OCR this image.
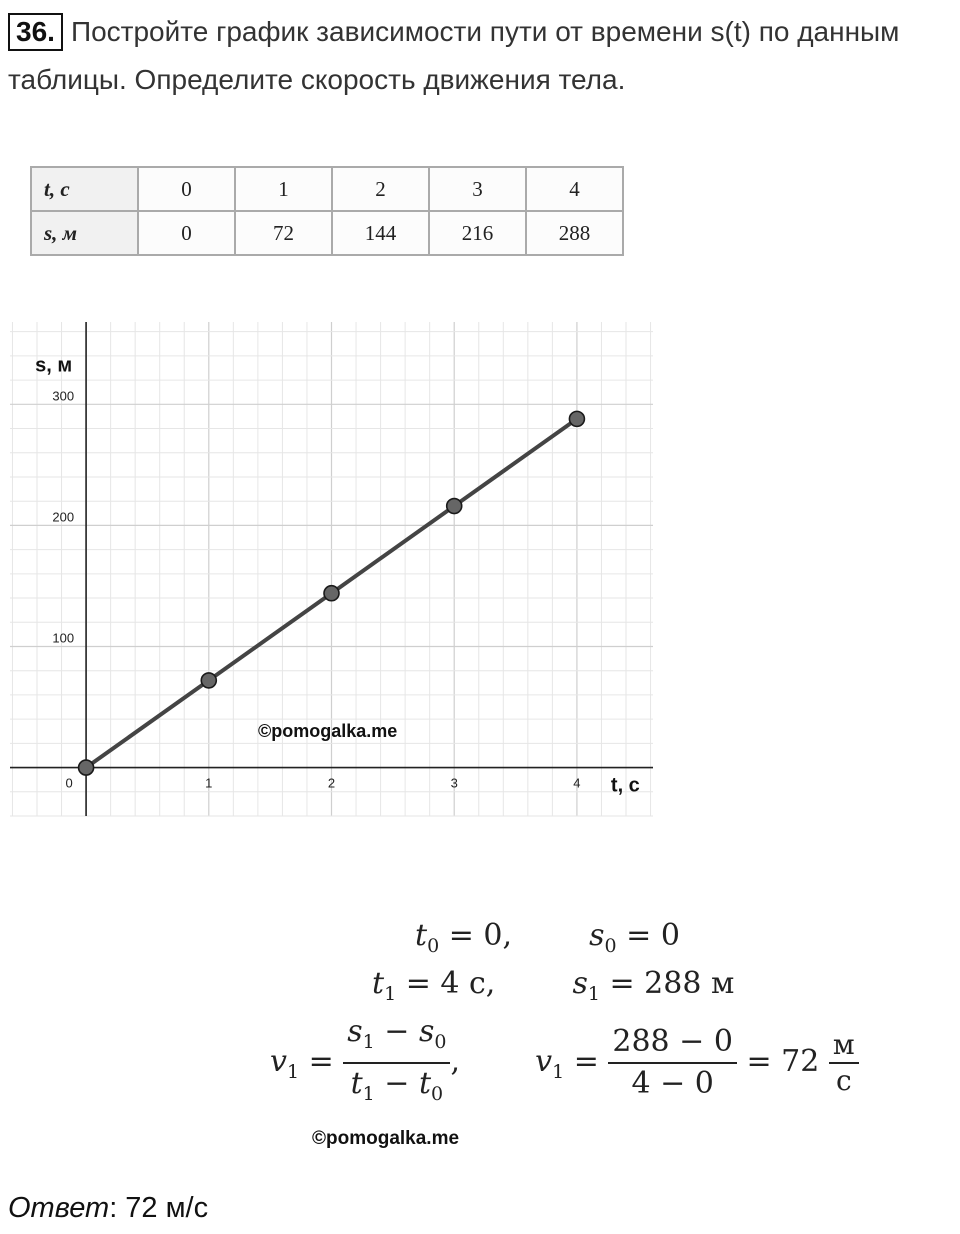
36. Постройте график зависимости пути от времени s(t) по данным таблицы. Определите скорость движения тела.
t, c	0	1	2	3	4
s, м	0	72	144	216	288
0	1	2	3	4
100
200
300
s, м
t, c
©pomogalka.me
$t_0 = 0$,	$s_0 = 0$
$t_1 = 4$ с,	$s_1 = 288$ м
$v_1 = \frac{s_1 - s_0}{t_1 - t_0}$ ,  $v_1 = \frac{288 - 0}{4 - 0} = 72 \frac{м}{с}$
©pomogalka.me
Ответ: 72 м/с
